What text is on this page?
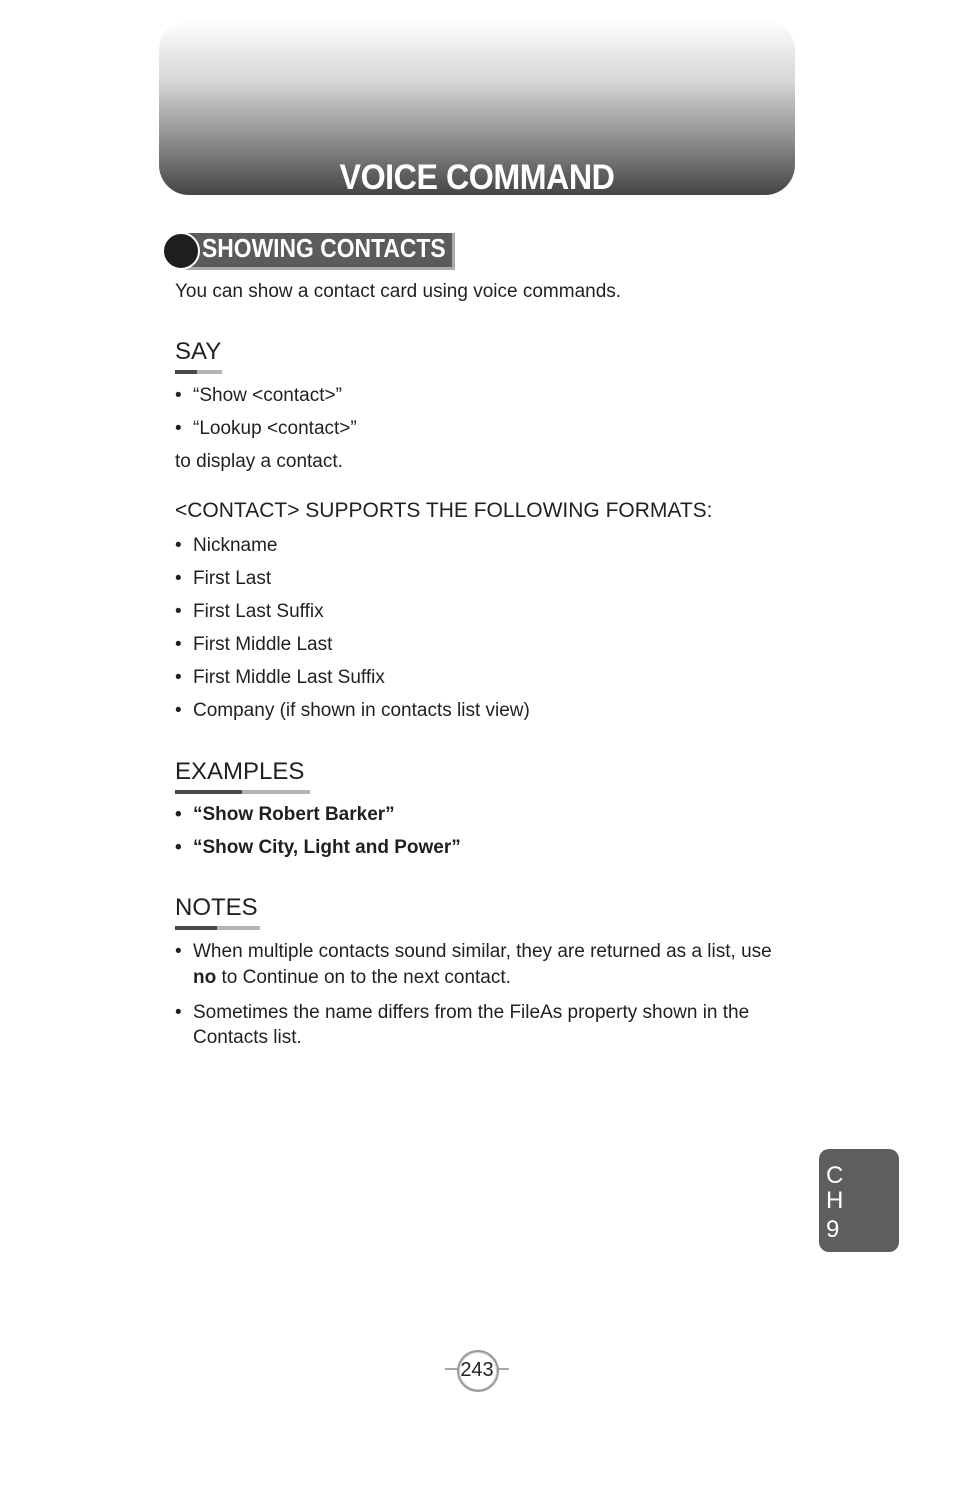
VOICE COMMAND
SHOWING CONTACTS
You can show a contact card using voice commands.
SAY
• “Show <contact>”
• “Lookup <contact>”
to display a contact.
<CONTACT> SUPPORTS THE FOLLOWING FORMATS:
• Nickname
• First Last
• First Last Suffix
• First Middle Last
• First Middle Last Suffix
• Company (if shown in contacts list view)
EXAMPLES
• “Show Robert Barker”
• “Show City, Light and Power”
NOTES
• When multiple contacts sound similar, they are returned as a list, use no to Continue on to the next contact.
• Sometimes the name differs from the FileAs property shown in the Contacts list.
C
H
9
243
